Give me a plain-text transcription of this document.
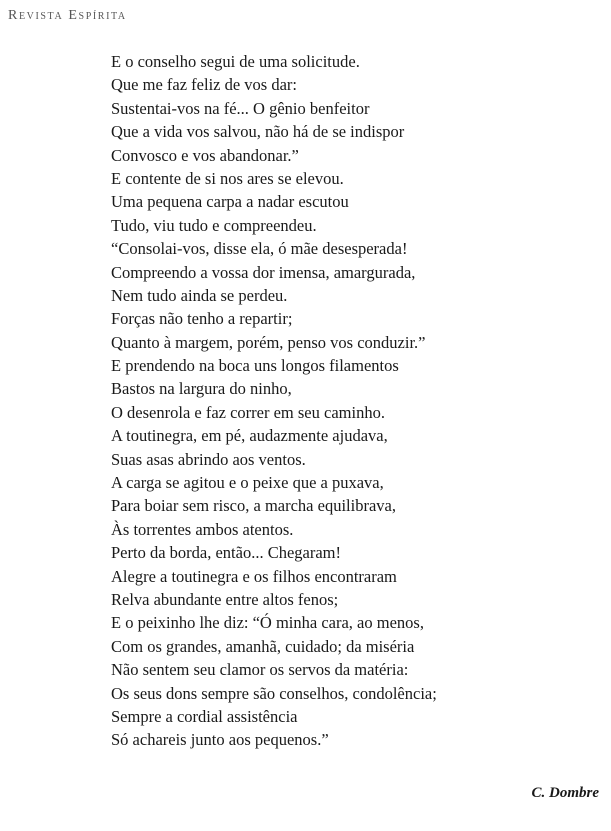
Revista Espírita
E o conselho segui de uma solicitude.
Que me faz feliz de vos dar:
Sustentai-vos na fé... O gênio benfeitor
Que a vida vos salvou, não há de se indispor
Convosco e vos abandonar.”
E contente de si nos ares se elevou.
Uma pequena carpa a nadar escutou
Tudo, viu tudo e compreendeu.
“Consolai-vos, disse ela, ó mãe desesperada!
Compreendo a vossa dor imensa, amargurada,
Nem tudo ainda se perdeu.
Forças não tenho a repartir;
Quanto à margem, porém, penso vos conduzir.”
E prendendo na boca uns longos filamentos
Bastos na largura do ninho,
O desenrola e faz correr em seu caminho.
A toutinegra, em pé, audazmente ajudava,
Suas asas abrindo aos ventos.
A carga se agitou e o peixe que a puxava,
Para boiar sem risco, a marcha equilibrava,
Às torrentes ambos atentos.
Perto da borda, então... Chegaram!
Alegre a toutinegra e os filhos encontraram
Relva abundante entre altos fenos;
E o peixinho lhe diz: “Ó minha cara, ao menos,
Com os grandes, amanhã, cuidado; da miséria
Não sentem seu clamor os servos da matéria:
Os seus dons sempre são conselhos, condolência;
Sempre a cordial assistência
Só achareis junto aos pequenos.”
C. Dombre
